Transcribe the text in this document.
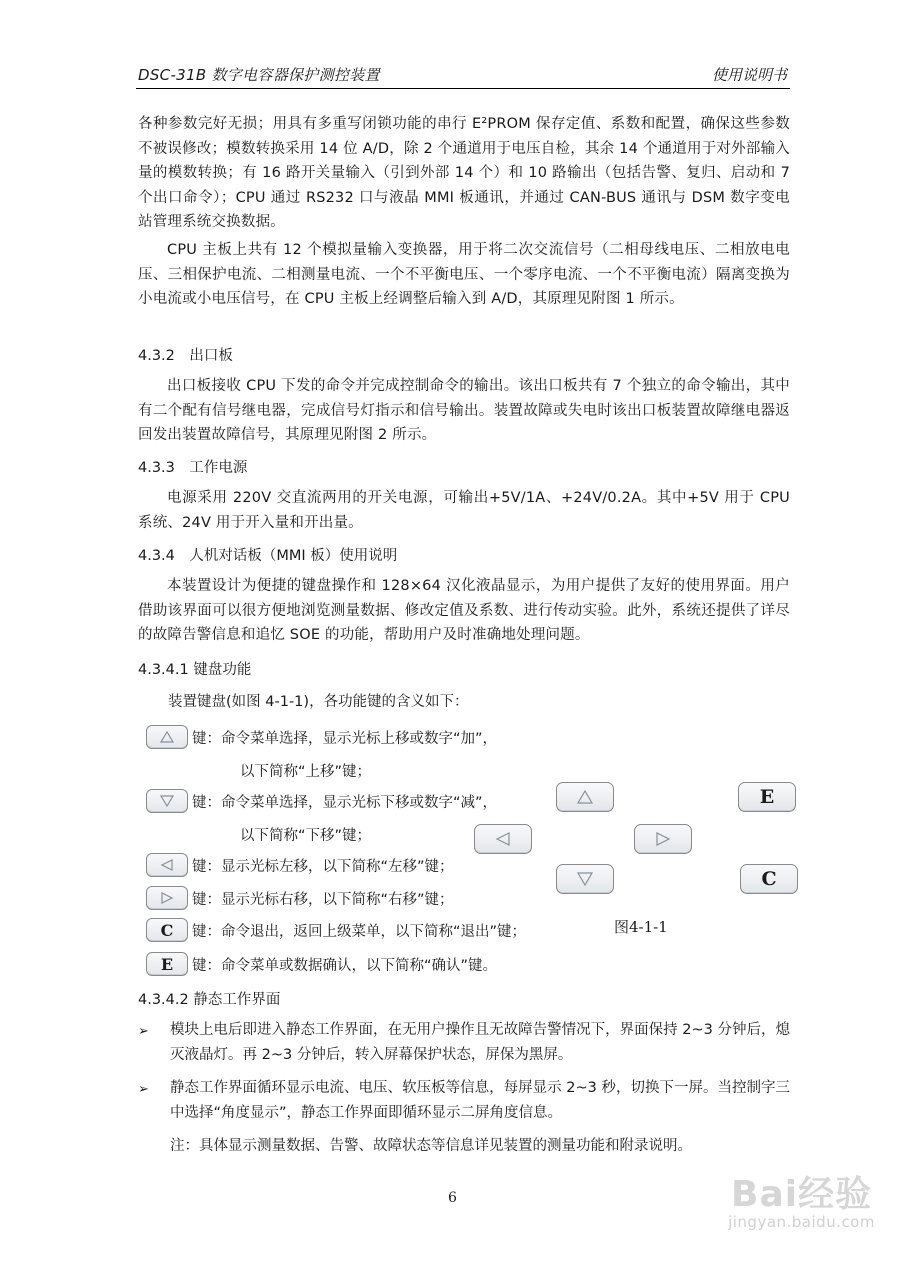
DSC-31B 数字电容器保护测控装置	使用说明书
各种参数完好无损；用具有多重写闭锁功能的串行 E²PROM 保存定值、系数和配置，确保这些参数不被误修改；模数转换采用 14 位 A/D，除 2 个通道用于电压自检，其余 14 个通道用于对外部输入量的模数转换；有 16 路开关量输入（引到外部 14 个）和 10 路输出（包括告警、复归、启动和 7 个出口命令）；CPU 通过 RS232 口与液晶 MMI 板通讯，并通过 CAN-BUS 通讯与 DSM 数字变电站管理系统交换数据。
CPU 主板上共有 12 个模拟量输入变换器，用于将二次交流信号（二相母线电压、二相放电电压、三相保护电流、二相测量电流、一个不平衡电压、一个零序电流、一个不平衡电流）隔离变换为小电流或小电压信号，在 CPU 主板上经调整后输入到 A/D，其原理见附图 1 所示。
4.3.2　出口板
出口板接收 CPU 下发的命令并完成控制命令的输出。该出口板共有 7 个独立的命令输出，其中有二个配有信号继电器，完成信号灯指示和信号输出。装置故障或失电时该出口板装置故障继电器返回发出装置故障信号，其原理见附图 2 所示。
4.3.3　工作电源
电源采用 220V 交直流两用的开关电源，可输出+5V/1A、+24V/0.2A。其中+5V 用于 CPU 系统、24V 用于开入量和开出量。
4.3.4　人机对话板（MMI 板）使用说明
本装置设计为便捷的键盘操作和 128×64 汉化液晶显示，为用户提供了友好的使用界面。用户借助该界面可以很方便地浏览测量数据、修改定值及系数、进行传动实验。此外，系统还提供了详尽的故障告警信息和追忆 SOE 的功能，帮助用户及时准确地处理问题。
4.3.4.1 键盘功能
装置键盘(如图 4-1-1)，各功能键的含义如下：
键：命令菜单选择，显示光标上移或数字“加”，
以下简称“上移”键；
键：命令菜单选择，显示光标下移或数字“减”，
以下简称“下移”键；
键：显示光标左移，以下简称“左移”键；
键：显示光标右移，以下简称“右移”键；
C 键：命令退出，返回上级菜单，以下简称“退出”键；
E 键：命令菜单或数据确认，以下简称“确认”键。
E
C
图4-1-1
4.3.4.2 静态工作界面
➢ 模块上电后即进入静态工作界面，在无用户操作且无故障告警情况下，界面保持 2~3 分钟后，熄灭液晶灯。再 2~3 分钟后，转入屏幕保护状态，屏保为黑屏。
➢ 静态工作界面循环显示电流、电压、软压板等信息，每屏显示 2~3 秒，切换下一屏。当控制字三中选择“角度显示”，静态工作界面即循环显示二屏角度信息。
注：具体显示测量数据、告警、故障状态等信息详见装置的测量功能和附录说明。
6	Bai经验
jingyan.baidu.com
